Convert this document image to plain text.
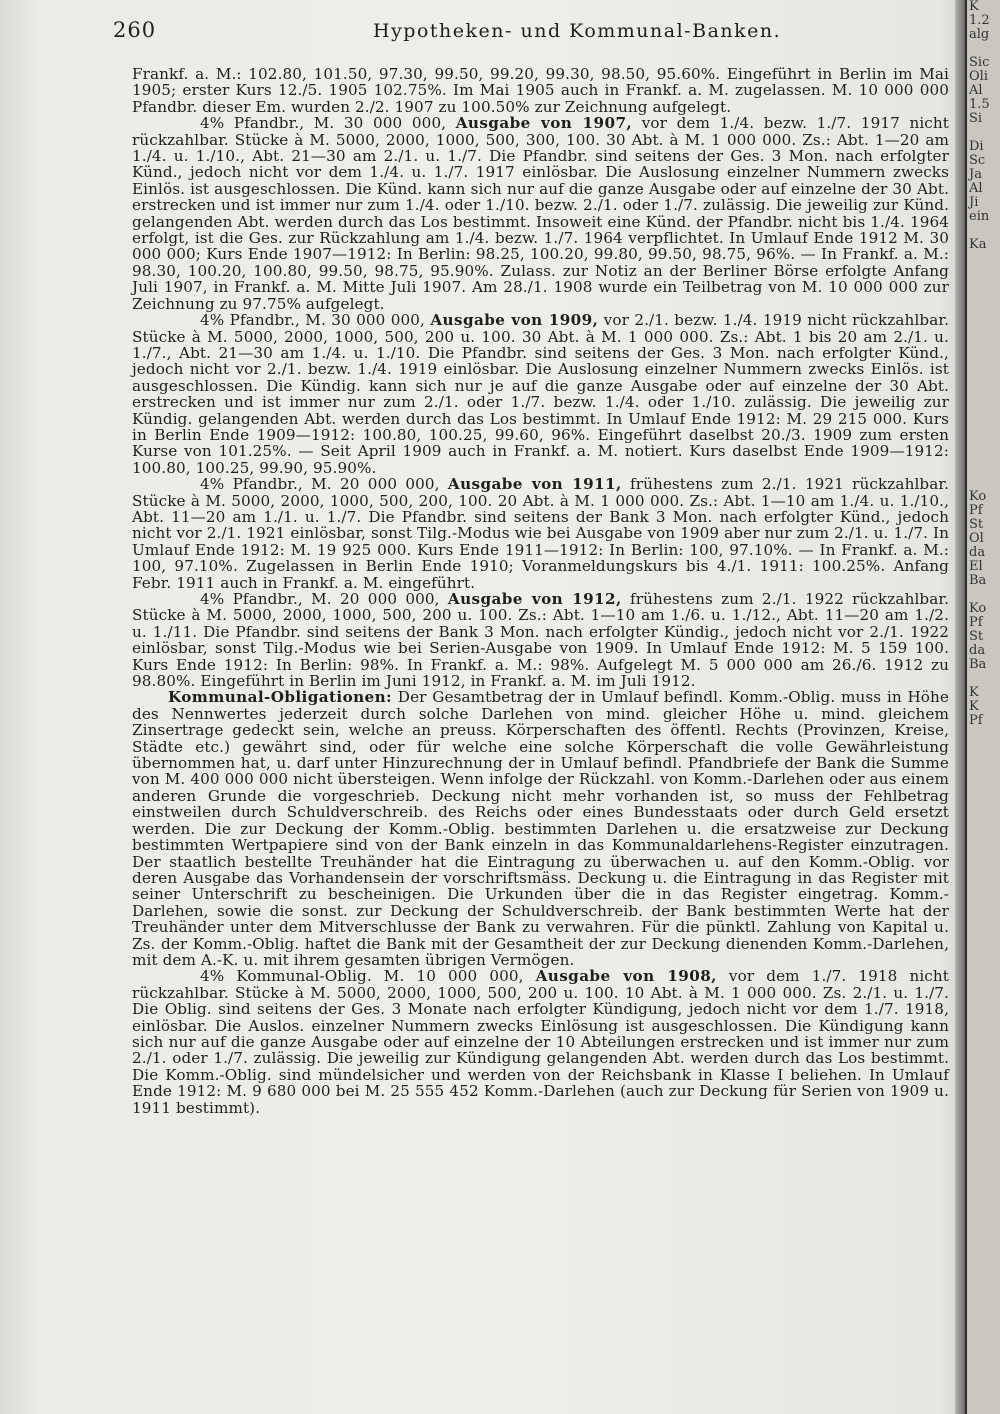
260	Hypotheken- und Kommunal-Banken.

Frankf. a. M.: 102.80, 101.50, 97.30, 99.50, 99.20, 99.30, 98.50, 95.60%. Eingeführt in Berlin im Mai 1905; erster Kurs 12./5. 1905 102.75%. Im Mai 1905 auch in Frankf. a. M. zugelassen. M. 10 000 000 Pfandbr. dieser Em. wurden 2./2. 1907 zu 100.50% zur Zeichnung aufgelegt.

4% Pfandbr., M. 30 000 000, Ausgabe von 1907, vor dem 1./4. bezw. 1./7. 1917 nicht rückzahlbar. Stücke à M. 5000, 2000, 1000, 500, 300, 100. 30 Abt. à M. 1 000 000. Zs.: Abt. 1—20 am 1./4. u. 1./10., Abt. 21—30 am 2./1. u. 1./7. Die Pfandbr. sind seitens der Ges. 3 Mon. nach erfolgter Künd., jedoch nicht vor dem 1./4. u. 1./7. 1917 einlösbar. Die Auslosung einzelner Nummern zwecks Einlös. ist ausgeschlossen. Die Künd. kann sich nur auf die ganze Ausgabe oder auf einzelne der 30 Abt. erstrecken und ist immer nur zum 1./4. oder 1./10. bezw. 2./1. oder 1./7. zulässig. Die jeweilig zur Künd. gelangenden Abt. werden durch das Los bestimmt. Insoweit eine Künd. der Pfandbr. nicht bis 1./4. 1964 erfolgt, ist die Ges. zur Rückzahlung am 1./4. bezw. 1./7. 1964 verpflichtet. In Umlauf Ende 1912 M. 30 000 000; Kurs Ende 1907—1912: In Berlin: 98.25, 100.20, 99.80, 99.50, 98.75, 96%. — In Frankf. a. M.: 98.30, 100.20, 100.80, 99.50, 98.75, 95.90%. Zulass. zur Notiz an der Berliner Börse erfolgte Anfang Juli 1907, in Frankf. a. M. Mitte Juli 1907. Am 28./1. 1908 wurde ein Teilbetrag von M. 10 000 000 zur Zeichnung zu 97.75% aufgelegt.

4% Pfandbr., M. 30 000 000, Ausgabe von 1909, vor 2./1. bezw. 1./4. 1919 nicht rückzahlbar. Stücke à M. 5000, 2000, 1000, 500, 200 u. 100. 30 Abt. à M. 1 000 000. Zs.: Abt. 1 bis 20 am 2./1. u. 1./7., Abt. 21—30 am 1./4. u. 1./10. Die Pfandbr. sind seitens der Ges. 3 Mon. nach erfolgter Künd., jedoch nicht vor 2./1. bezw. 1./4. 1919 einlösbar. Die Auslosung einzelner Nummern zwecks Einlös. ist ausgeschlossen. Die Kündig. kann sich nur je auf die ganze Ausgabe oder auf einzelne der 30 Abt. erstrecken und ist immer nur zum 2./1. oder 1./7. bezw. 1./4. oder 1./10. zulässig. Die jeweilig zur Kündig. gelangenden Abt. werden durch das Los bestimmt. In Umlauf Ende 1912: M. 29 215 000. Kurs in Berlin Ende 1909—1912: 100.80, 100.25, 99.60, 96%. Eingeführt daselbst 20./3. 1909 zum ersten Kurse von 101.25%. — Seit April 1909 auch in Frankf. a. M. notiert. Kurs daselbst Ende 1909—1912: 100.80, 100.25, 99.90, 95.90%.

4% Pfandbr., M. 20 000 000, Ausgabe von 1911, frühestens zum 2./1. 1921 rückzahlbar. Stücke à M. 5000, 2000, 1000, 500, 200, 100. 20 Abt. à M. 1 000 000. Zs.: Abt. 1—10 am 1./4. u. 1./10., Abt. 11—20 am 1./1. u. 1./7. Die Pfandbr. sind seitens der Bank 3 Mon. nach erfolgter Künd., jedoch nicht vor 2./1. 1921 einlösbar, sonst Tilg.-Modus wie bei Ausgabe von 1909 aber nur zum 2./1. u. 1./7. In Umlauf Ende 1912: M. 19 925 000. Kurs Ende 1911—1912: In Berlin: 100, 97.10%. — In Frankf. a. M.: 100, 97.10%. Zugelassen in Berlin Ende 1910; Voranmeldungskurs bis 4./1. 1911: 100.25%. Anfang Febr. 1911 auch in Frankf. a. M. eingeführt.

4% Pfandbr., M. 20 000 000, Ausgabe von 1912, frühestens zum 2./1. 1922 rückzahlbar. Stücke à M. 5000, 2000, 1000, 500, 200 u. 100. Zs.: Abt. 1—10 am 1./6. u. 1./12., Abt. 11—20 am 1./2. u. 1./11. Die Pfandbr. sind seitens der Bank 3 Mon. nach erfolgter Kündig., jedoch nicht vor 2./1. 1922 einlösbar, sonst Tilg.-Modus wie bei Serien-Ausgabe von 1909. In Umlauf Ende 1912: M. 5 159 100. Kurs Ende 1912: In Berlin: 98%. In Frankf. a. M.: 98%. Aufgelegt M. 5 000 000 am 26./6. 1912 zu 98.80%. Eingeführt in Berlin im Juni 1912, in Frankf. a. M. im Juli 1912.

Kommunal-Obligationen: Der Gesamtbetrag der in Umlauf befindl. Komm.-Oblig. muss in Höhe des Nennwertes jederzeit durch solche Darlehen von mind. gleicher Höhe u. mind. gleichem Zinsertrage gedeckt sein, welche an preuss. Körperschaften des öffentl. Rechts (Provinzen, Kreise, Städte etc.) gewährt sind, oder für welche eine solche Körperschaft die volle Gewährleistung übernommen hat, u. darf unter Hinzurechnung der in Umlauf befindl. Pfandbriefe der Bank die Summe von M. 400 000 000 nicht übersteigen. Wenn infolge der Rückzahl. von Komm.-Darlehen oder aus einem anderen Grunde die vorgeschrieb. Deckung nicht mehr vorhanden ist, so muss der Fehlbetrag einstweilen durch Schuldverschreib. des Reichs oder eines Bundesstaats oder durch Geld ersetzt werden. Die zur Deckung der Komm.-Oblig. bestimmten Darlehen u. die ersatzweise zur Deckung bestimmten Wertpapiere sind von der Bank einzeln in das Kommunaldarlehens-Register einzutragen. Der staatlich bestellte Treuhänder hat die Eintragung zu überwachen u. auf den Komm.-Oblig. vor deren Ausgabe das Vorhandensein der vorschriftsmäss. Deckung u. die Eintragung in das Register mit seiner Unterschrift zu bescheinigen. Die Urkunden über die in das Register eingetrag. Komm.-Darlehen, sowie die sonst. zur Deckung der Schuldverschreib. der Bank bestimmten Werte hat der Treuhänder unter dem Mitverschlusse der Bank zu verwahren. Für die pünktl. Zahlung von Kapital u. Zs. der Komm.-Oblig. haftet die Bank mit der Gesamtheit der zur Deckung dienenden Komm.-Darlehen, mit dem A.-K. u. mit ihrem gesamten übrigen Vermögen.

4% Kommunal-Oblig. M. 10 000 000, Ausgabe von 1908, vor dem 1./7. 1918 nicht rückzahlbar. Stücke à M. 5000, 2000, 1000, 500, 200 u. 100. 10 Abt. à M. 1 000 000. Zs. 2./1. u. 1./7. Die Oblig. sind seitens der Ges. 3 Monate nach erfolgter Kündigung, jedoch nicht vor dem 1./7. 1918, einlösbar. Die Auslos. einzelner Nummern zwecks Einlösung ist ausgeschlossen. Die Kündigung kann sich nur auf die ganze Ausgabe oder auf einzelne der 10 Abteilungen erstrecken und ist immer nur zum 2./1. oder 1./7. zulässig. Die jeweilig zur Kündigung gelangenden Abt. werden durch das Los bestimmt. Die Komm.-Oblig. sind mündelsicher und werden von der Reichsbank in Klasse I beliehen. In Umlauf Ende 1912: M. 9 680 000 bei M. 25 555 452 Komm.-Darlehen (auch zur Deckung für Serien von 1909 u. 1911 bestimmt).

K
1.2
alg

Sic
Oli
Al
1.5
Si

Di
Sc
Ja
Al
Ji
ein

Ka

Ko
Pf
St
Ol
da
El
Ba

Ko
Pf
St
da
Ba

K
K
Pf
